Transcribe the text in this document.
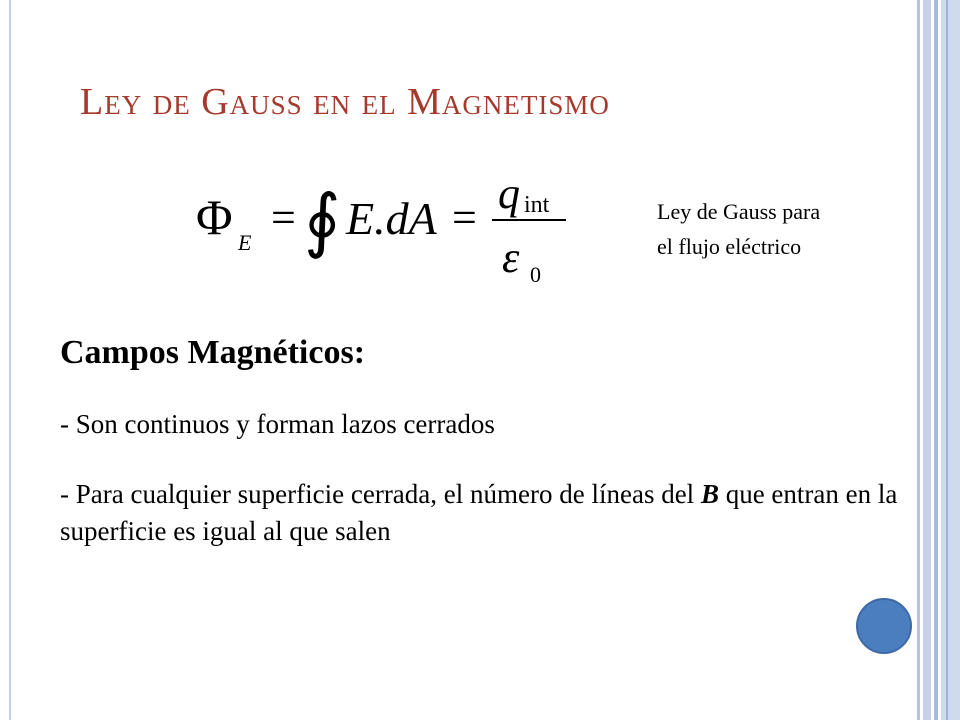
Ley de Gauss en el Magnetismo
Φ E
= ∮ E.dA = q int
ε 0
Ley de Gauss para
el flujo eléctrico
Campos Magnéticos:

- Son continuos y forman lazos cerrados

- Para cualquier superficie cerrada, el número de líneas del B que entran en la superficie es igual al que salen
